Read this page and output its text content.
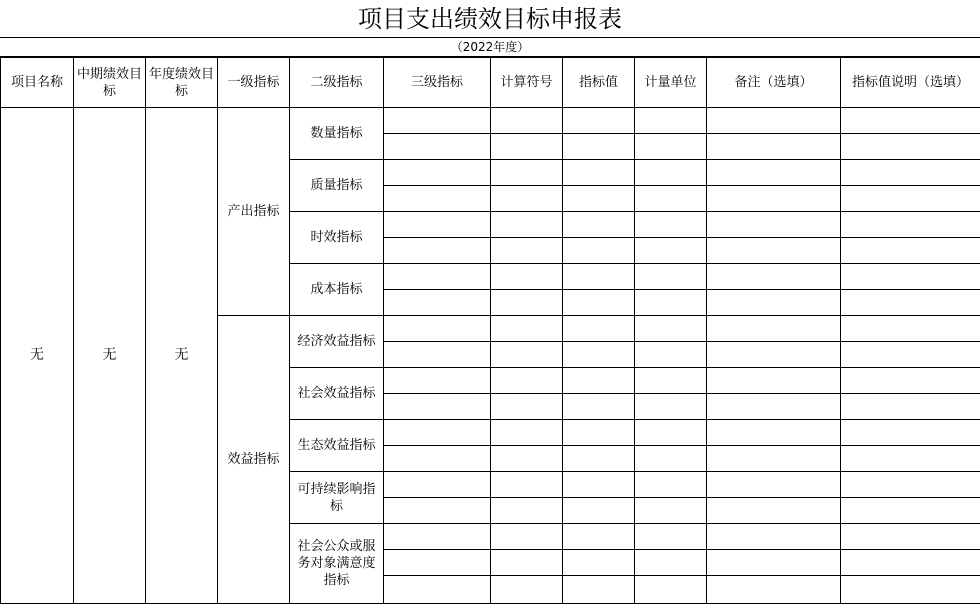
项目支出绩效目标申报表
（2022年度）
项目名称	中期绩效目标	年度绩效目标	一级指标	二级指标	三级指标	计算符号	指标值	计量单位	备注（选填）	指标值说明（选填）
无	无	无	产出指标	数量指标						

				质量指标						

				时效指标						

				成本指标						

			效益指标	经济效益指标						

				社会效益指标						

				生态效益指标						

				可持续影响指标						

				社会公众或服务对象满意度指标						
